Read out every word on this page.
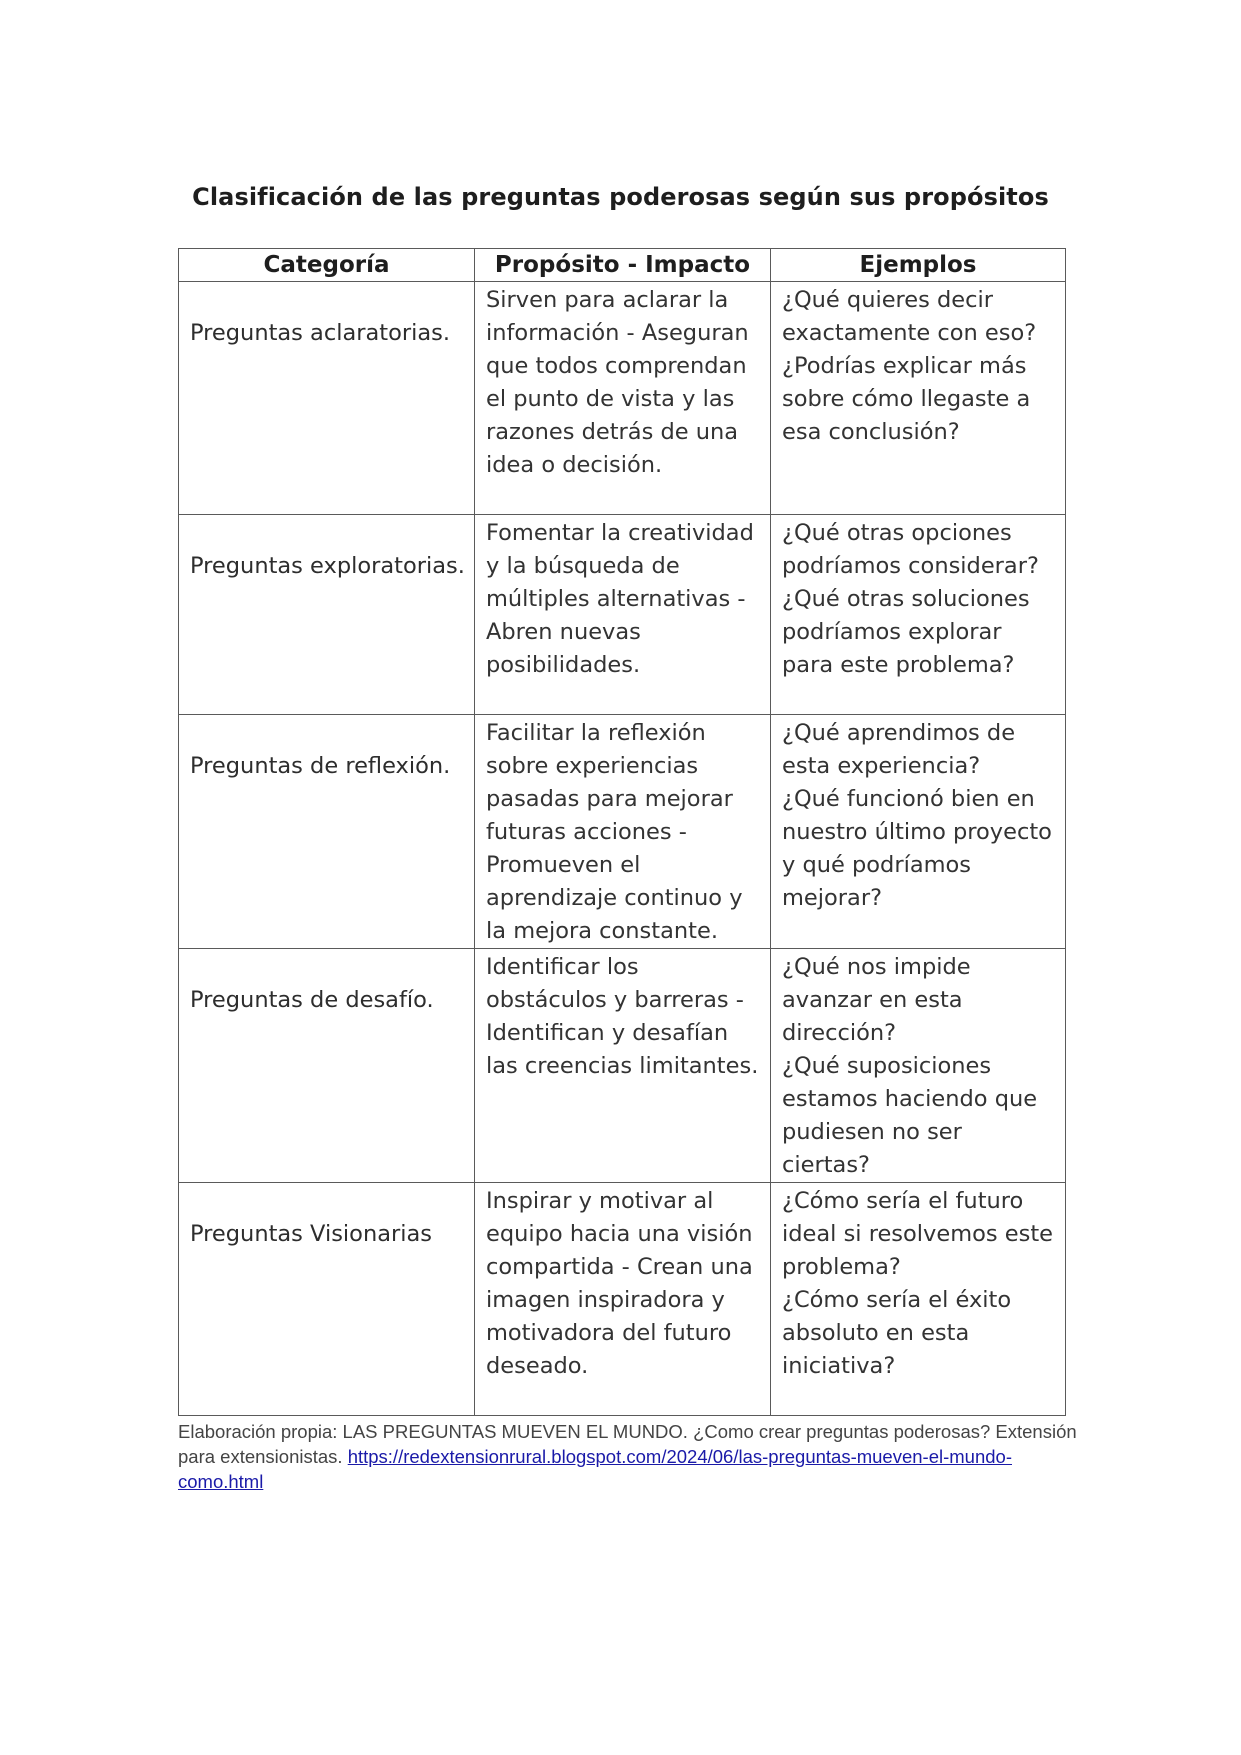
Clasificación de las preguntas poderosas según sus propósitos
Categoría	Propósito - Impacto	Ejemplos

Preguntas aclaratorias.	Sirven para aclarar la información - Aseguran que todos comprendan el punto de vista y las razones detrás de una idea o decisión.	¿Qué quieres decir exactamente con eso?
¿Podrías explicar más sobre cómo llegaste a esa conclusión?

Preguntas exploratorias.	Fomentar la creatividad y la búsqueda de múltiples alternativas - Abren nuevas posibilidades.	¿Qué otras opciones podríamos considerar?
¿Qué otras soluciones podríamos explorar para este problema?

Preguntas de reflexión.	Facilitar la reflexión sobre experiencias pasadas para mejorar futuras acciones - Promueven el aprendizaje continuo y la mejora constante.	¿Qué aprendimos de esta experiencia?
¿Qué funcionó bien en nuestro último proyecto y qué podríamos mejorar?

Preguntas de desafío.	Identificar los obstáculos y barreras - Identifican y desafían las creencias limitantes.	¿Qué nos impide avanzar en esta dirección?
¿Qué suposiciones estamos haciendo que pudiesen no ser ciertas?

Preguntas Visionarias	Inspirar y motivar al equipo hacia una visión compartida - Crean una imagen inspiradora y motivadora del futuro deseado.	¿Cómo sería el futuro ideal si resolvemos este problema?
¿Cómo sería el éxito absoluto en esta iniciativa?
Elaboración propia: LAS PREGUNTAS MUEVEN EL MUNDO. ¿Como crear preguntas poderosas? Extensión para extensionistas. https://redextensionrural.blogspot.com/2024/06/las-preguntas-mueven-el-mundo-como.html
